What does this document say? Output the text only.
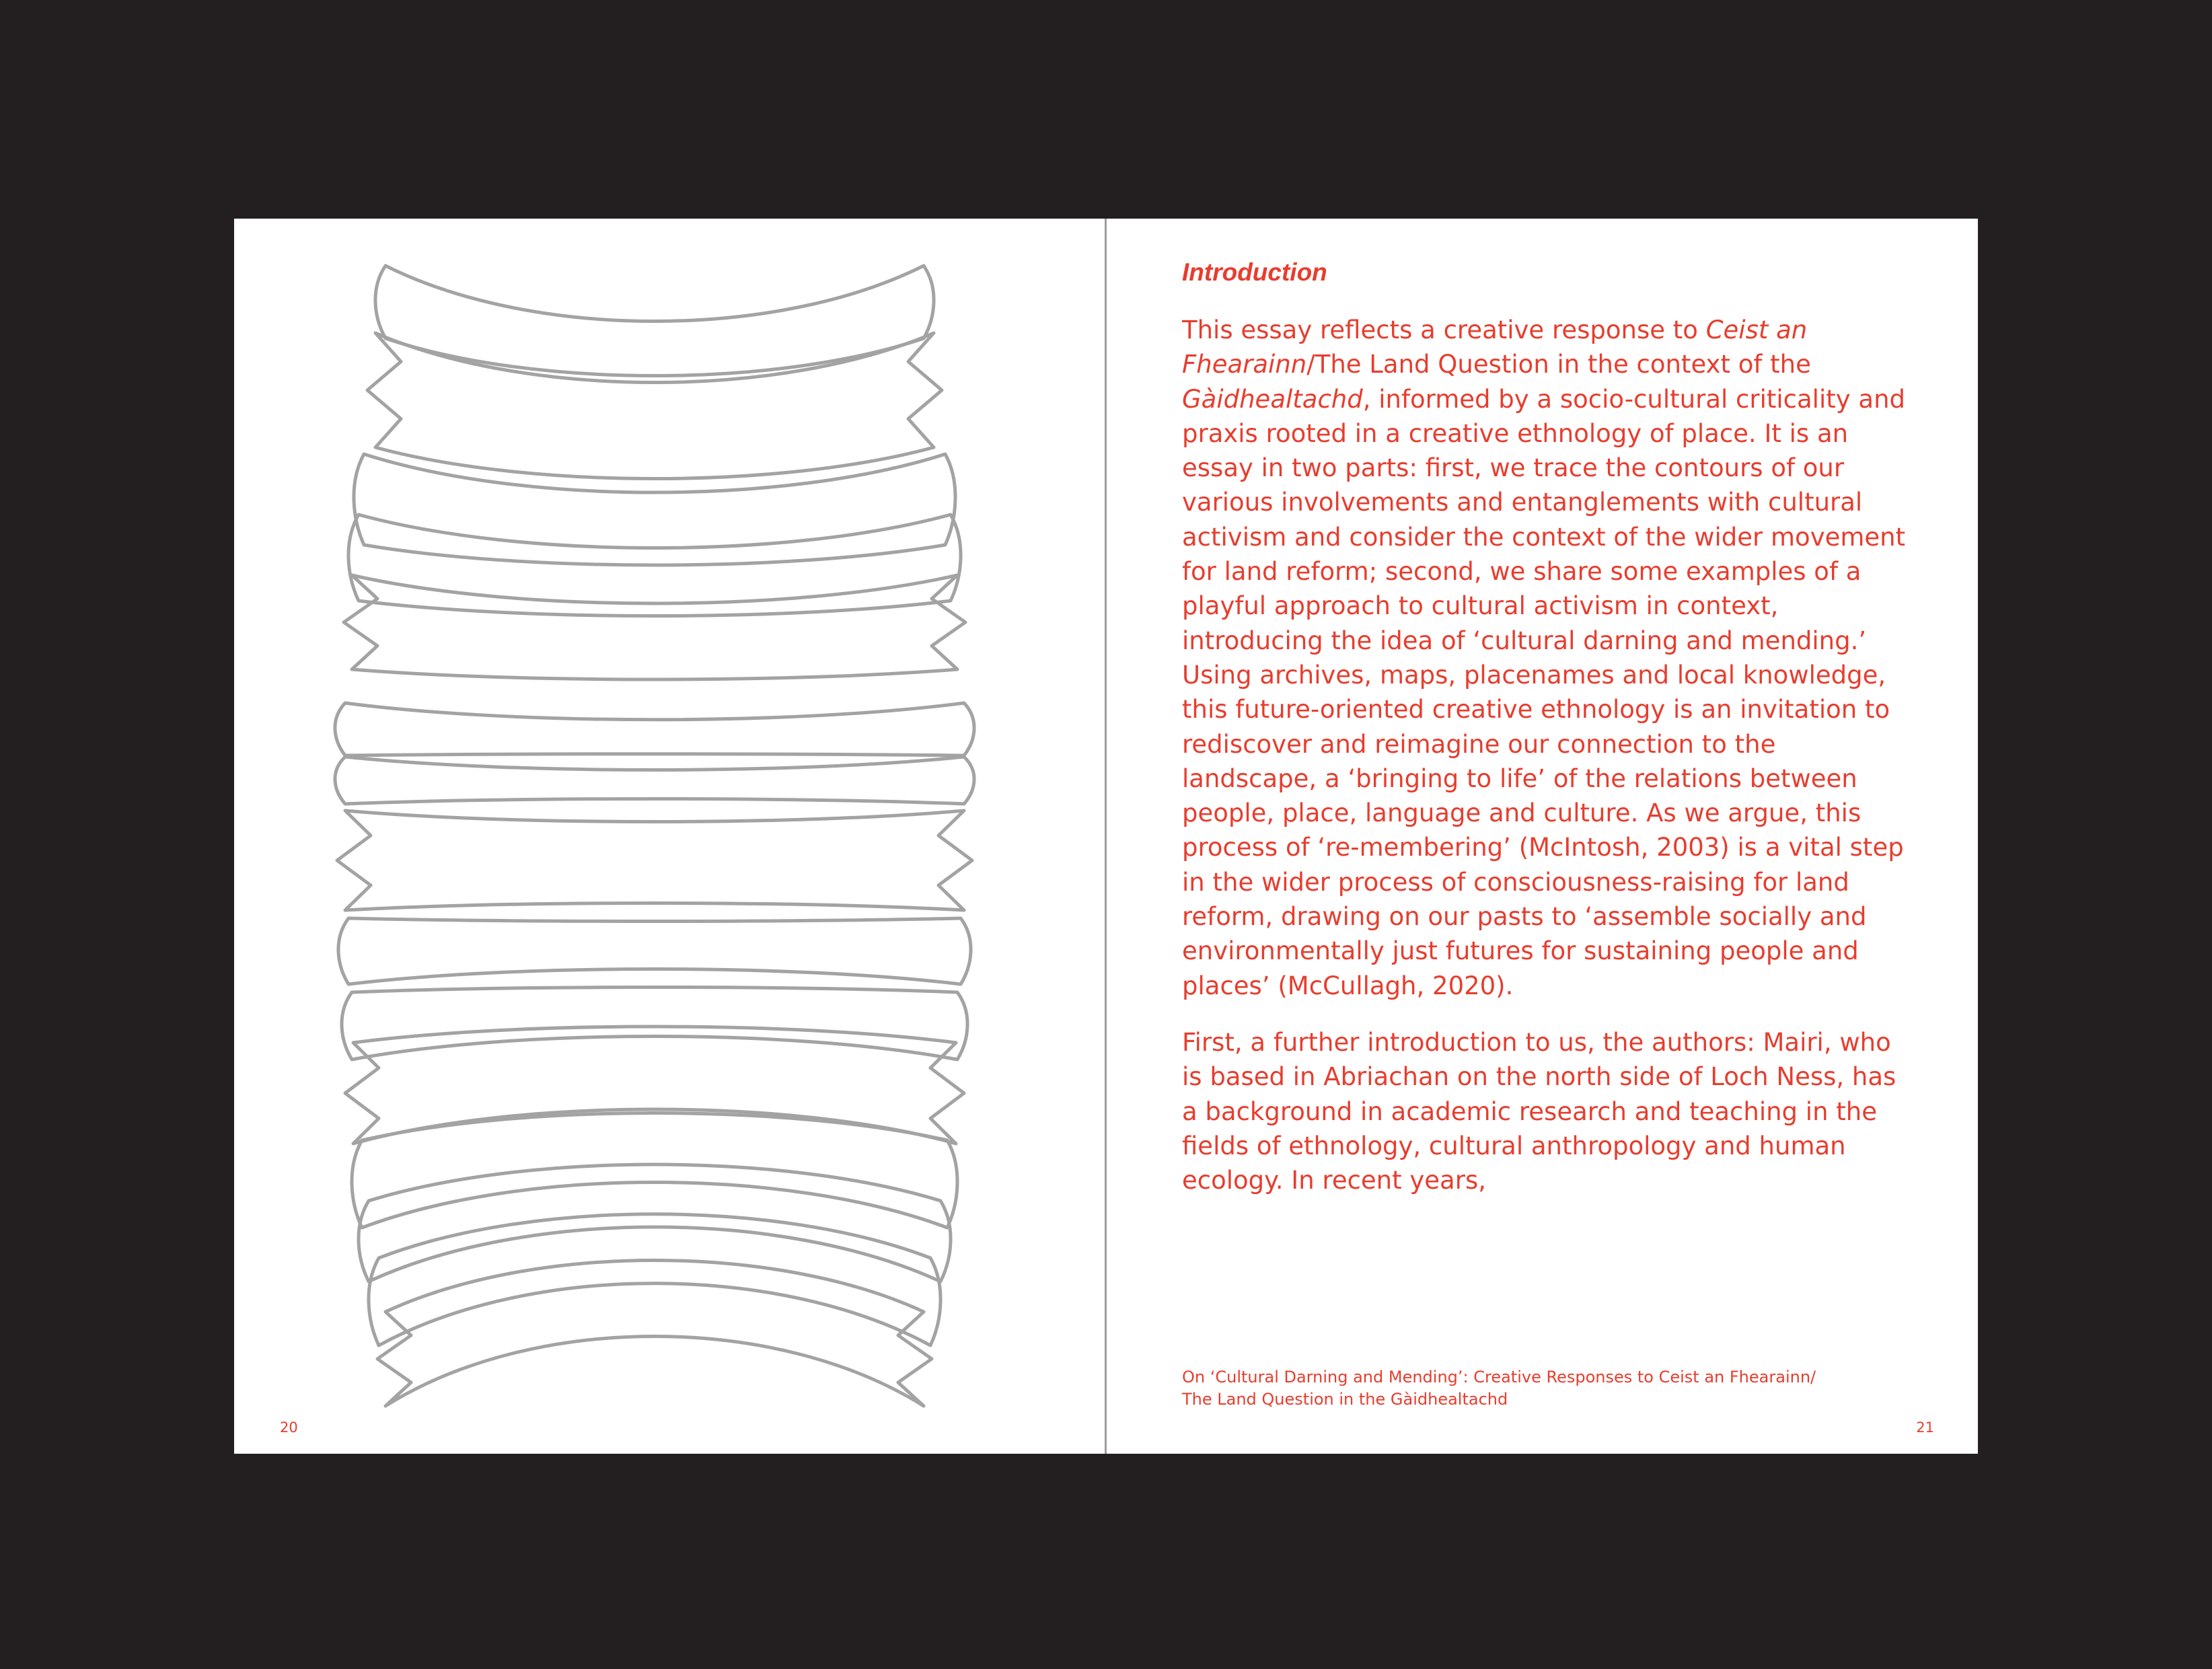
20
Introduction

This essay reflects a creative response to Ceist an Fhearainn/The Land Question in the context of the Gàidhealtachd, informed by a socio-cultural criticality and praxis rooted in a creative ethnology of place. It is an essay in two parts: first, we trace the contours of our various involvements and entanglements with cultural activism and consider the context of the wider movement for land reform; second, we share some examples of a playful approach to cultural activism in context, introducing the idea of ‘cultural darning and mending.’ Using archives, maps, placenames and local knowledge, this future-oriented creative ethnology is an invitation to rediscover and reimagine our connection to the landscape, a ‘bringing to life’ of the relations between people, place, language and culture. As we argue, this process of ‘re-membering’ (McIntosh, 2003) is a vital step in the wider process of consciousness-raising for land reform, drawing on our pasts to ‘assemble socially and environmentally just futures for sustaining people and places’ (McCullagh, 2020).

First, a further introduction to us, the authors: Mairi, who is based in Abriachan on the north side of Loch Ness, has a background in academic research and teaching in the fields of ethnology, cultural anthropology and human ecology. In recent years,

On ‘Cultural Darning and Mending’: Creative Responses to Ceist an Fhearainn/
The Land Question in the Gàidhealtachd
21
